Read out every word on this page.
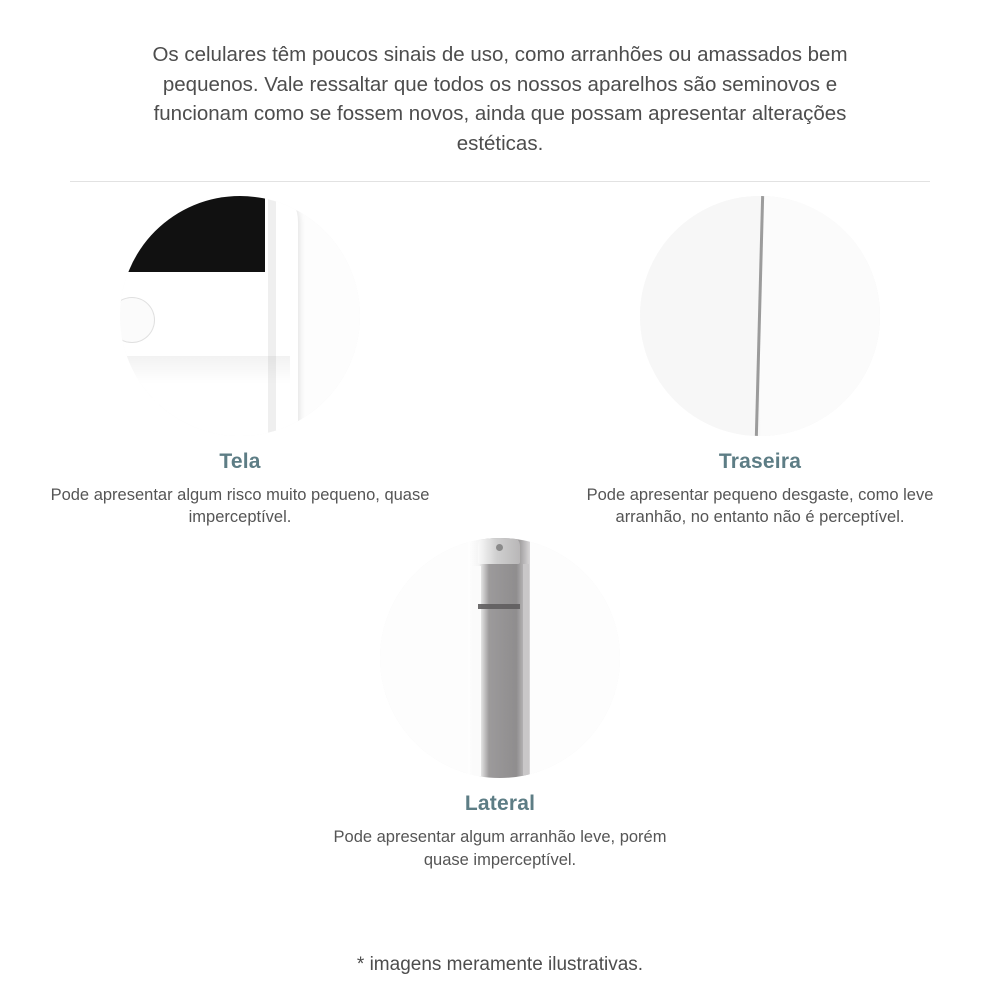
Os celulares têm poucos sinais de uso, como arranhões ou amassados bem pequenos. Vale ressaltar que todos os nossos aparelhos são seminovos e funcionam como se fossem novos, ainda que possam apresentar alterações estéticas.

Tela
Pode apresentar algum risco muito pequeno, quase imperceptível.
Traseira
Pode apresentar pequeno desgaste, como leve arranhão, no entanto não é perceptível.
Lateral
Pode apresentar algum arranhão leve, porém quase imperceptível.
* imagens meramente ilustrativas.
